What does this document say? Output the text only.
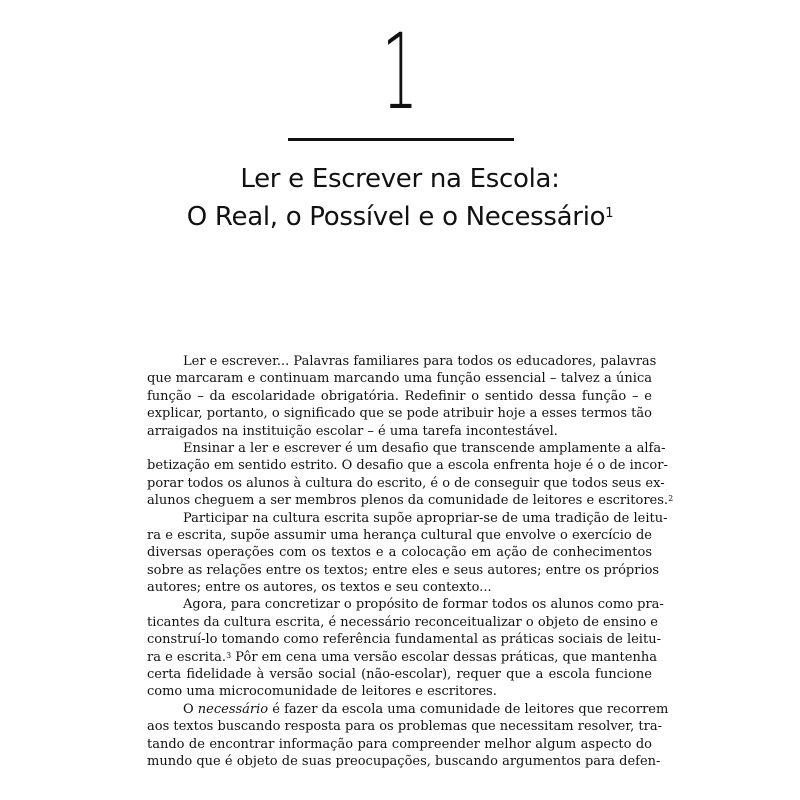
1
Ler e Escrever na Escola:
O Real, o Possível e o Necessário$^1$
Ler e escrever... Palavras familiares para todos os educadores, palavras
que marcaram e continuam marcando uma função essencial – talvez a única
função – da escolaridade obrigatória. Redefinir o sentido dessa função – e
explicar, portanto, o significado que se pode atribuir hoje a esses termos tão
arraigados na instituição escolar – é uma tarefa incontestável.
Ensinar a ler e escrever é um desafio que transcende amplamente a alfa-
betização em sentido estrito. O desafio que a escola enfrenta hoje é o de incor-
porar todos os alunos à cultura do escrito, é o de conseguir que todos seus ex-
alunos cheguem a ser membros plenos da comunidade de leitores e escritores.$^2$
Participar na cultura escrita supõe apropriar-se de uma tradição de leitu-
ra e escrita, supõe assumir uma herança cultural que envolve o exercício de
diversas operações com os textos e a colocação em ação de conhecimentos
sobre as relações entre os textos; entre eles e seus autores; entre os próprios
autores; entre os autores, os textos e seu contexto...
Agora, para concretizar o propósito de formar todos os alunos como pra-
ticantes da cultura escrita, é necessário reconceitualizar o objeto de ensino e
construí-lo tomando como referência fundamental as práticas sociais de leitu-
ra e escrita.$^3$ Pôr em cena uma versão escolar dessas práticas, que mantenha
certa fidelidade à versão social (não-escolar), requer que a escola funcione
como uma microcomunidade de leitores e escritores.
O necessário é fazer da escola uma comunidade de leitores que recorrem
aos textos buscando resposta para os problemas que necessitam resolver, tra-
tando de encontrar informação para compreender melhor algum aspecto do
mundo que é objeto de suas preocupações, buscando argumentos para defen-
